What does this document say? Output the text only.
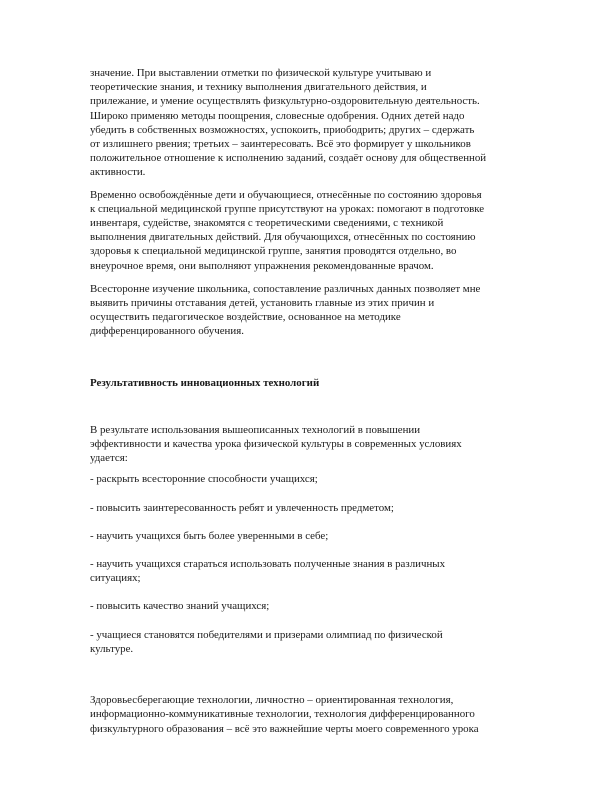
значение. При выставлении отметки по физической культуре учитываю и
теоретические знания, и технику выполнения двигательного действия, и
прилежание, и умение осуществлять физкультурно-оздоровительную деятельность.
Широко применяю методы поощрения, словесные одобрения. Одних детей надо
убедить в собственных возможностях, успокоить, приободрить; других – сдержать
от излишнего рвения; третьих – заинтересовать. Всё это формирует у школьников
положительное отношение к исполнению заданий, создаёт основу для общественной
активности.

Временно освобождённые дети и обучающиеся, отнесённые по состоянию здоровья
к специальной медицинской группе присутствуют на уроках: помогают в подготовке
инвентаря, судействе, знакомятся с теоретическими сведениями, с техникой
выполнения двигательных действий. Для обучающихся, отнесённых по состоянию
здоровья к специальной медицинской группе, занятия проводятся отдельно, во
внеурочное время, они выполняют упражнения рекомендованные врачом.

Всесторонне изучение школьника, сопоставление различных данных позволяет мне
выявить причины отставания детей, установить главные из этих причин и
осуществить педагогическое воздействие, основанное на методике
дифференцированного обучения.

Результативность инновационных технологий

В результате использования вышеописанных технологий в повышении
эффективности и качества урока физической культуры в современных условиях
удается:

- раскрыть всесторонние способности учащихся;

- повысить заинтересованность ребят и увлеченность предметом;

- научить учащихся быть более уверенными в себе;

- научить учащихся стараться использовать полученные знания в различных
ситуациях;

- повысить качество знаний учащихся;

- учащиеся становятся победителями и призерами олимпиад по физической
культуре.

Здоровьесберегающие технологии, личностно – ориентированная технология,
информационно-коммуникативные технологии, технология дифференцированного
физкультурного образования – всё это важнейшие черты моего современного урока
